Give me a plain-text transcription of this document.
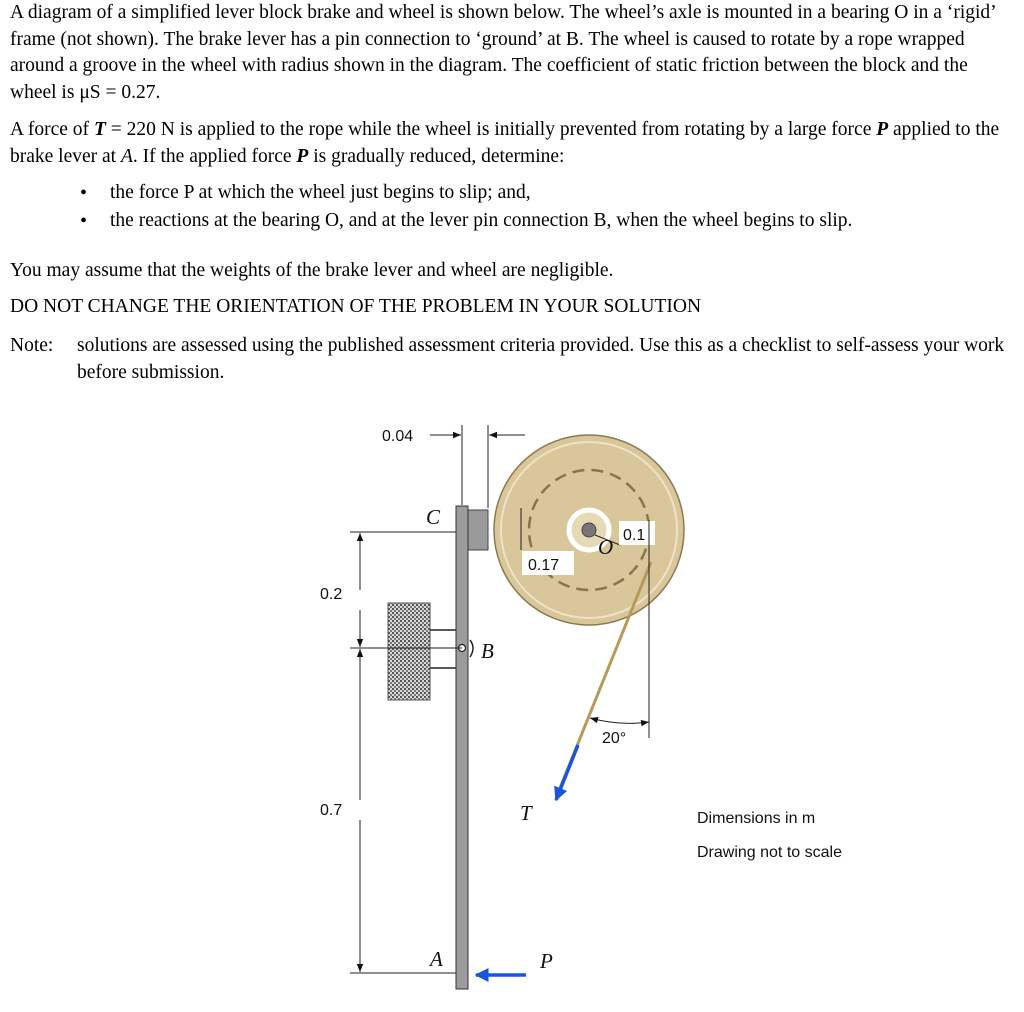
A diagram of a simplified lever block brake and wheel is shown below. The wheel’s axle is mounted in a bearing O in a ‘rigid’ frame (not shown). The brake lever has a pin connection to ‘ground’ at B. The wheel is caused to rotate by a rope wrapped around a groove in the wheel with radius shown in the diagram. The coefficient of static friction between the block and the wheel is μS = 0.27.

A force of T = 220 N is applied to the rope while the wheel is initially prevented from rotating by a large force P applied to the brake lever at A. If the applied force P is gradually reduced, determine:

• the force P at which the wheel just begins to slip; and,
• the reactions at the bearing O, and at the lever pin connection B, when the wheel begins to slip.

You may assume that the weights of the brake lever and wheel are negligible.

DO NOT CHANGE THE ORIENTATION OF THE PROBLEM IN YOUR SOLUTION

Note: solutions are assessed using the published assessment criteria provided. Use this as a checklist to self-assess your work before submission.

0.04
0.2
0.7
0.17
0.1
20°
C
B
O
T
A	P
Dimensions in m
Drawing not to scale
